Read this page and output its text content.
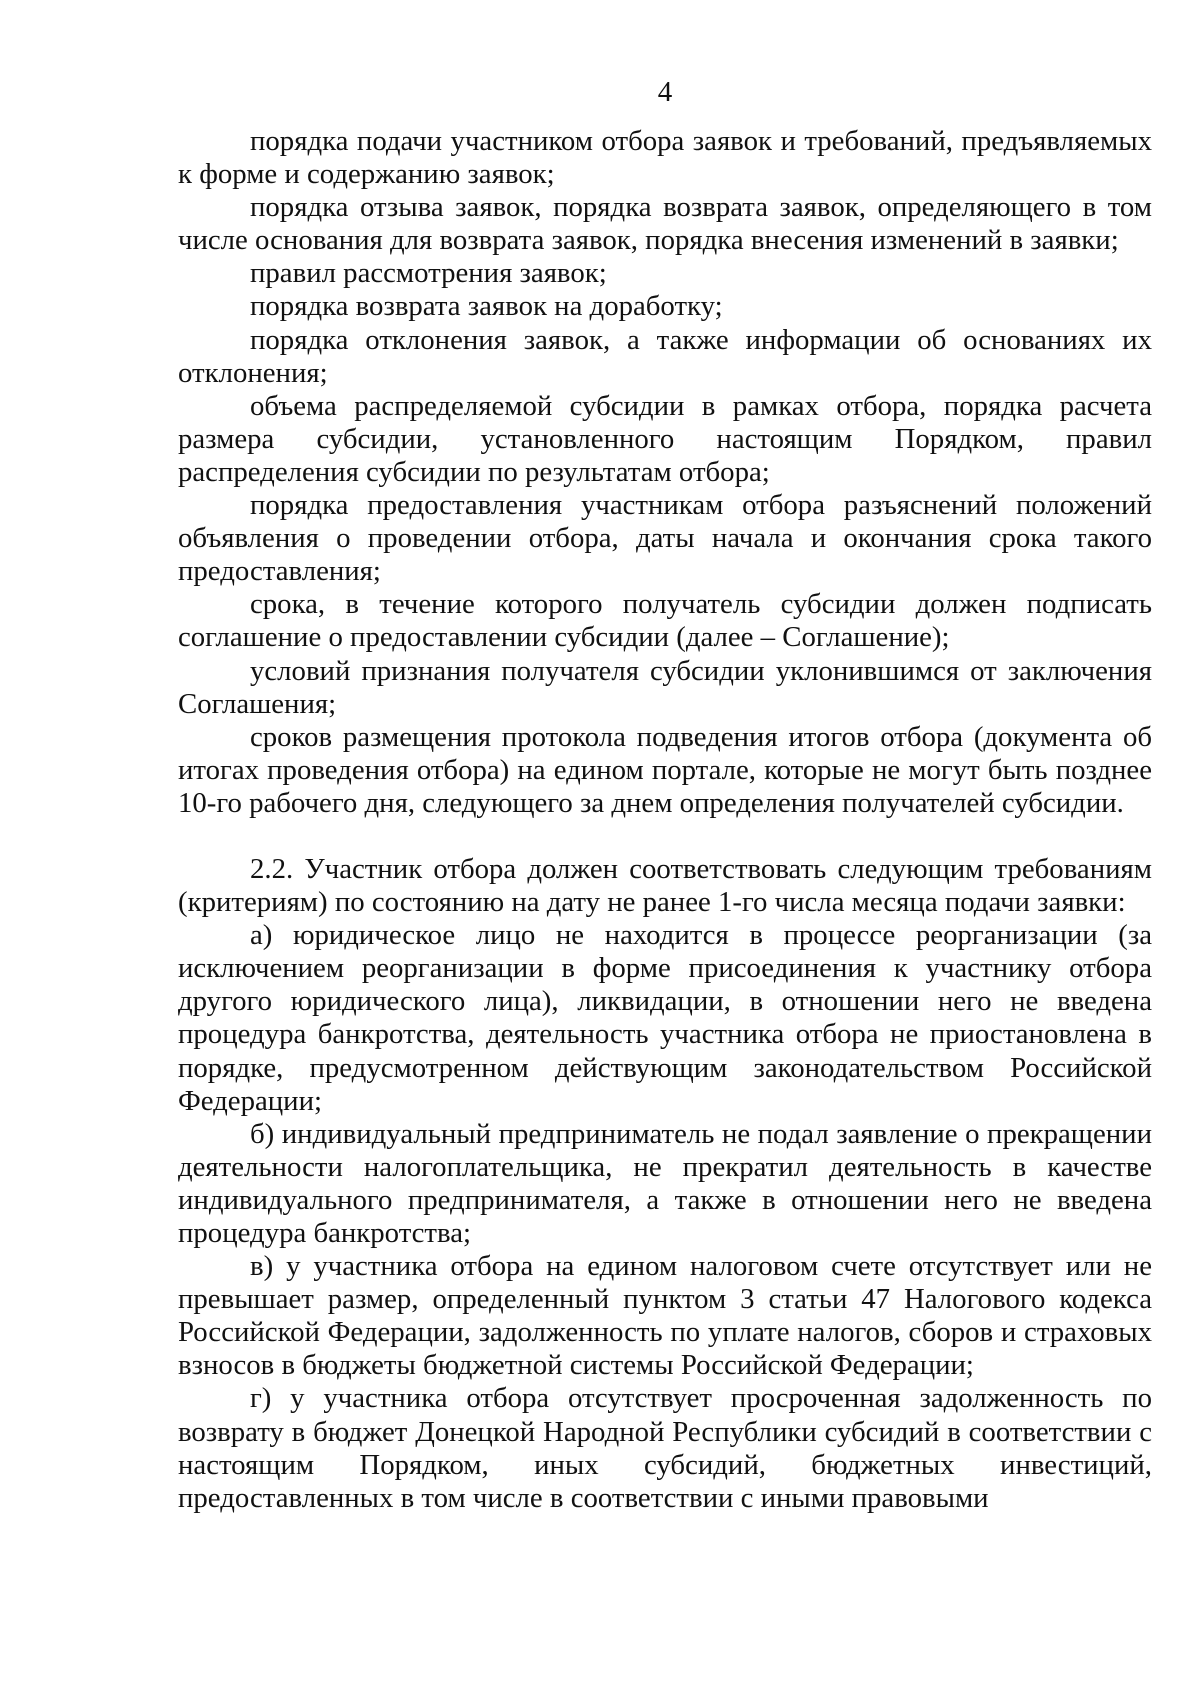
4

порядка подачи участником отбора заявок и требований, предъявляемых к форме и содержанию заявок;

порядка отзыва заявок, порядка возврата заявок, определяющего в том числе основания для возврата заявок, порядка внесения изменений в заявки;

правил рассмотрения заявок;

порядка возврата заявок на доработку;

порядка отклонения заявок, а также информации об основаниях их отклонения;

объема распределяемой субсидии в рамках отбора, порядка расчета размера субсидии, установленного настоящим Порядком, правил распределения субсидии по результатам отбора;

порядка предоставления участникам отбора разъяснений положений объявления о проведении отбора, даты начала и окончания срока такого предоставления;

срока, в течение которого получатель субсидии должен подписать соглашение о предоставлении субсидии (далее – Соглашение);

условий признания получателя субсидии уклонившимся от заключения Соглашения;

сроков размещения протокола подведения итогов отбора (документа об итогах проведения отбора) на едином портале, которые не могут быть позднее 10-го рабочего дня, следующего за днем определения получателей субсидии.

2.2. Участник отбора должен соответствовать следующим требованиям (критериям) по состоянию на дату не ранее 1-го числа месяца подачи заявки:

а) юридическое лицо не находится в процессе реорганизации (за исключением реорганизации в форме присоединения к участнику отбора другого юридического лица), ликвидации, в отношении него не введена процедура банкротства, деятельность участника отбора не приостановлена в порядке, предусмотренном действующим законодательством Российской Федерации;

б) индивидуальный предприниматель не подал заявление о прекращении деятельности налогоплательщика, не прекратил деятельность в качестве индивидуального предпринимателя, а также в отношении него не введена процедура банкротства;

в) у участника отбора на едином налоговом счете отсутствует или не превышает размер, определенный пунктом 3 статьи 47 Налогового кодекса Российской Федерации, задолженность по уплате налогов, сборов и страховых взносов в бюджеты бюджетной системы Российской Федерации;

г) у участника отбора отсутствует просроченная задолженность по возврату в бюджет Донецкой Народной Республики субсидий в соответствии с настоящим Порядком, иных субсидий, бюджетных инвестиций, предоставленных в том числе в соответствии с иными правовыми
